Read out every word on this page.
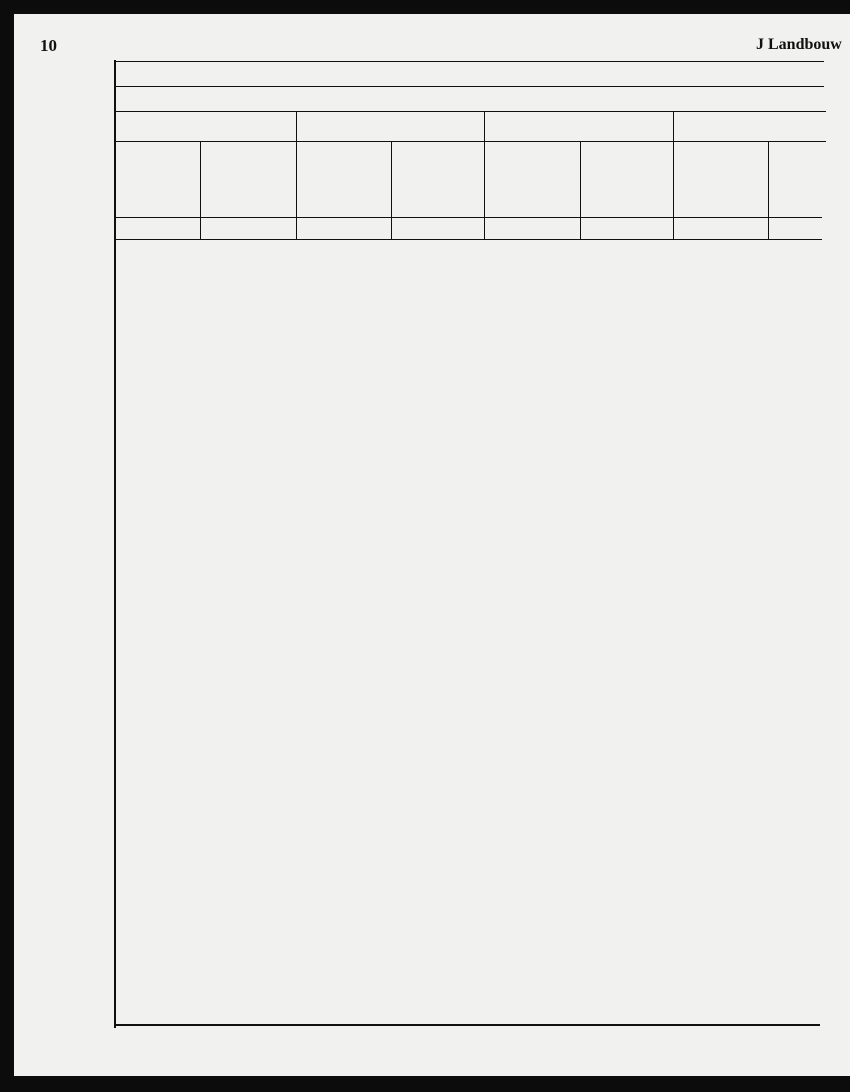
10	J Landbouw
